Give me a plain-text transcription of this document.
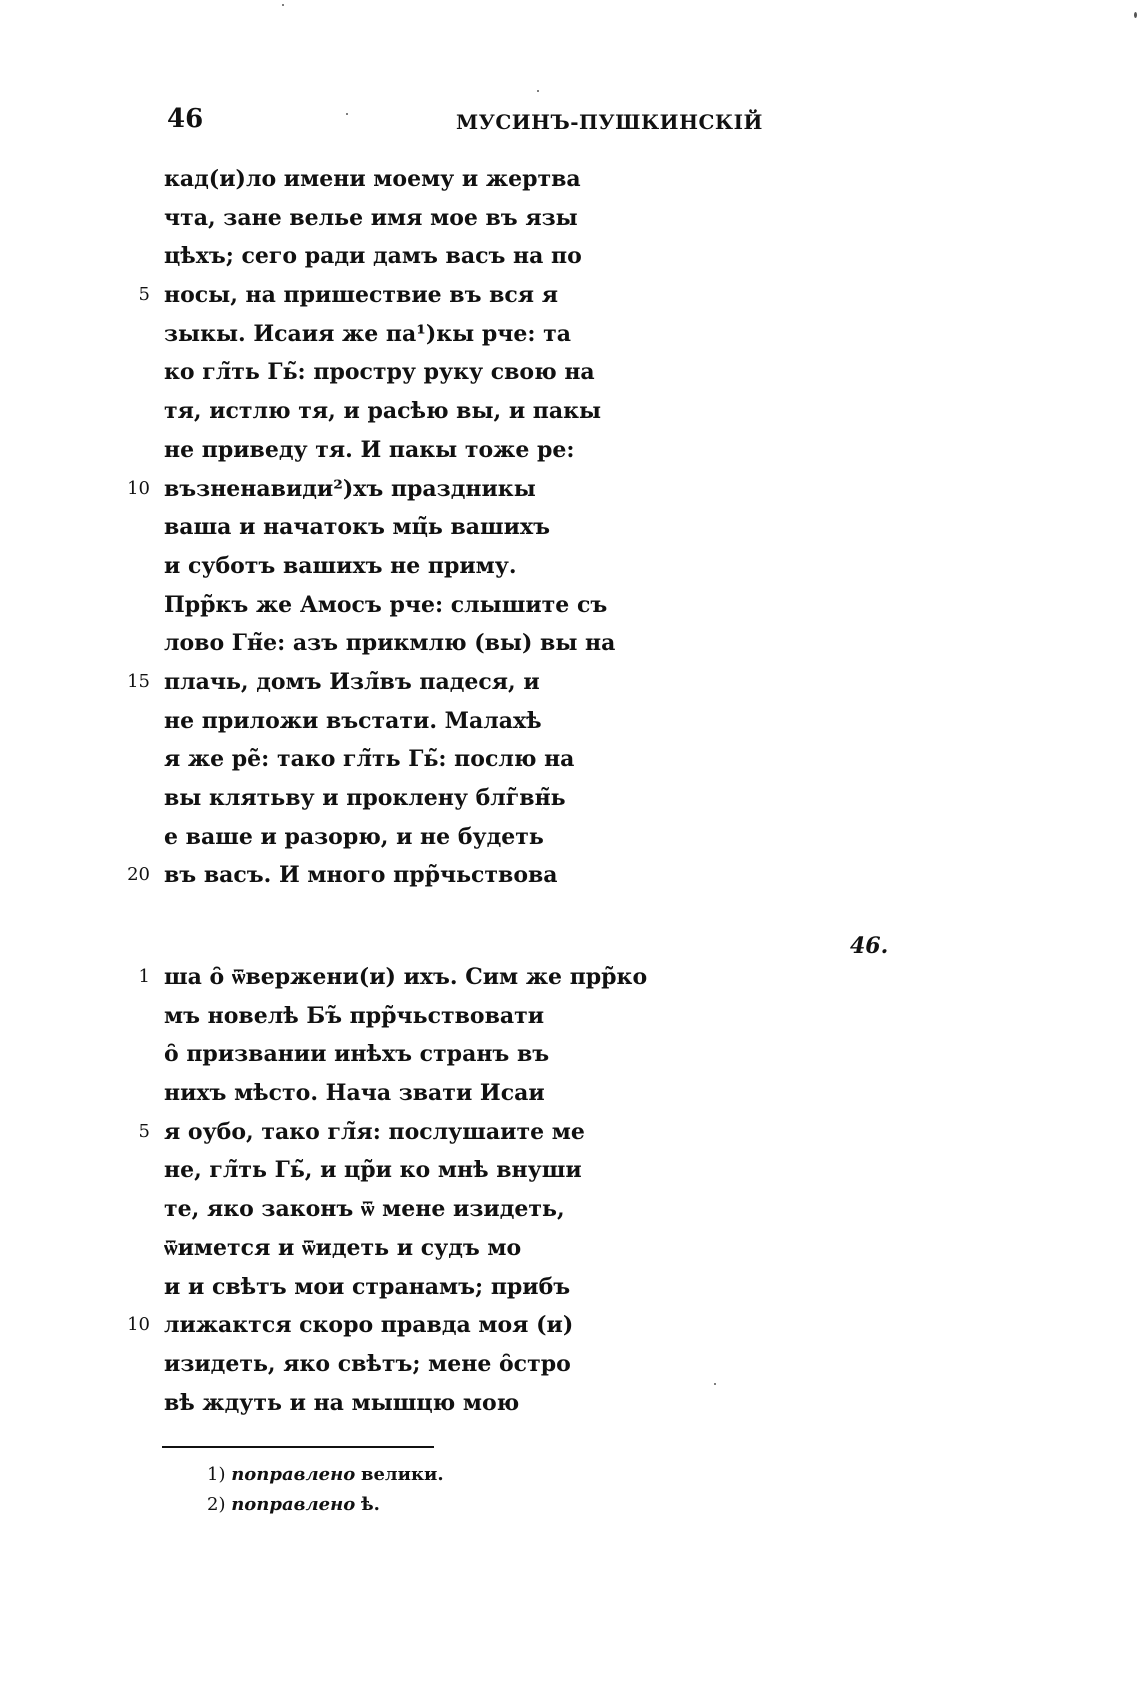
46	МУСИНЪ-ПУШКИНСКІЙ
кад(и)ло имени моему и жертва
чта, зане велье имя мое въ язы
цѣхъ; сего ради дамъ васъ на по
5 носы, на пришествие въ вся я
зыкы. Исаия же па¹)кы рче: та
ко гл̃ть Гь̃: простру руку свою на
тя, истлю тя, и расѣю вы, и пакы
не приведу тя. И пакы тоже ре:
10 възненавиди²)хъ праздникы
ваша и начатокъ мц̃ь вашихъ
и суботъ вашихъ не приму.
Прр̃къ же Амосъ рче: слышите съ
лово Гн̃е: азъ прикмлю (вы) вы на
15 плачь, домъ Изл̃въ падеся, и
не приложи въстати. Малахѣ
я же ре̃: тако гл̃ть Гь̃: послю на
вы клятьву и проклену блг̃вн̃ь
е ваше и разорю, и не будеть
20 въ васъ. И много прр̃чьствова
46.
1 ша ȏ ѿвержени(и) ихъ. Сим же прр̃ко
мъ новелѣ Бъ̃ прр̃чьствовати
ȏ призвании инѣхъ странъ въ
нихъ мѣсто. Нача звати Исаи
5 я оубо, тако гл̃я: послушаите ме
не, гл̃ть Гь̃, и цр̃и ко мнѣ внуши
те, яко законъ ѿ мене изидеть,
ѿимется и ѿидеть и судъ мо
и и свѣтъ мои странамъ; прибъ
10 лижактся скоро правда моя (и)
изидеть, яко свѣтъ; мене ȏстро
вѣ ждуть и на мышцю мою
1) поправлено велики.
2) поправлено ѣ.
